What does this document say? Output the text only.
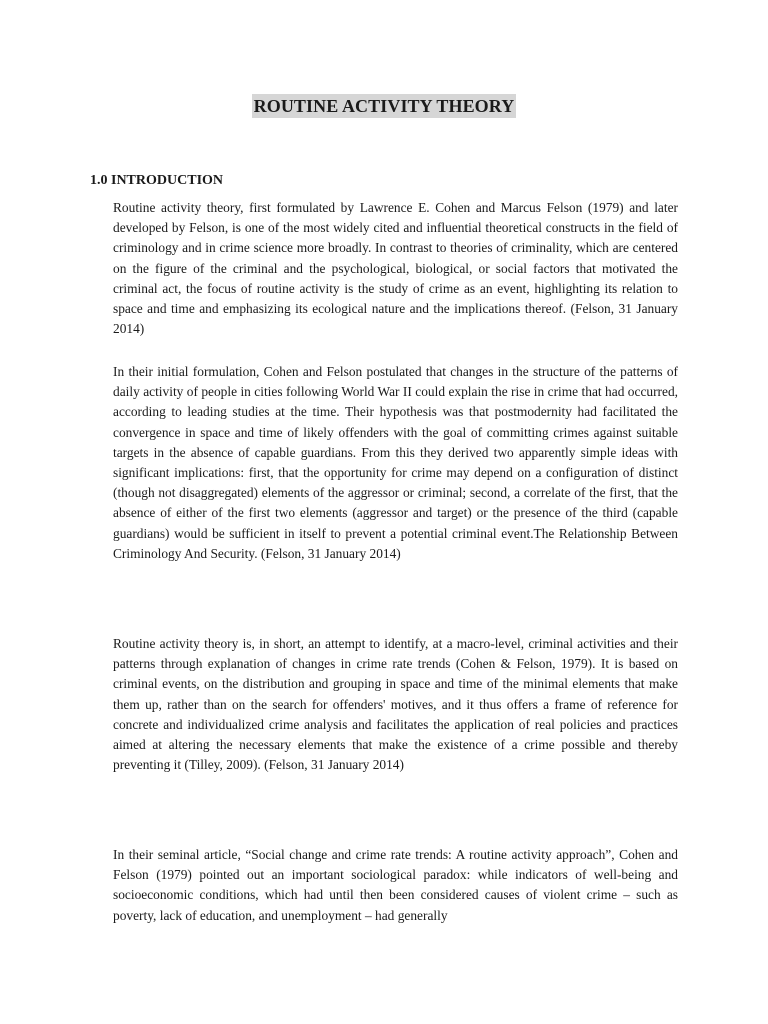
ROUTINE ACTIVITY THEORY
1.0 INTRODUCTION

Routine activity theory, first formulated by Lawrence E. Cohen and Marcus Felson (1979) and later developed by Felson, is one of the most widely cited and influential theoretical constructs in the field of criminology and in crime science more broadly. In contrast to theories of criminality, which are centered on the figure of the criminal and the psychological, biological, or social factors that motivated the criminal act, the focus of routine activity is the study of crime as an event, highlighting its relation to space and time and emphasizing its ecological nature and the implications thereof. (Felson, 31 January 2014)

In their initial formulation, Cohen and Felson postulated that changes in the structure of the patterns of daily activity of people in cities following World War II could explain the rise in crime that had occurred, according to leading studies at the time. Their hypothesis was that postmodernity had facilitated the convergence in space and time of likely offenders with the goal of committing crimes against suitable targets in the absence of capable guardians. From this they derived two apparently simple ideas with significant implications: first, that the opportunity for crime may depend on a configuration of distinct (though not disaggregated) elements of the aggressor or criminal; second, a correlate of the first, that the absence of either of the first two elements (aggressor and target) or the presence of the third (capable guardians) would be sufficient in itself to prevent a potential criminal event.The Relationship Between Criminology And Security. (Felson, 31 January 2014)

Routine activity theory is, in short, an attempt to identify, at a macro-level, criminal activities and their patterns through explanation of changes in crime rate trends (Cohen & Felson, 1979). It is based on criminal events, on the distribution and grouping in space and time of the minimal elements that make them up, rather than on the search for offenders' motives, and it thus offers a frame of reference for concrete and individualized crime analysis and facilitates the application of real policies and practices aimed at altering the necessary elements that make the existence of a crime possible and thereby preventing it (Tilley, 2009). (Felson, 31 January 2014)

In their seminal article, “Social change and crime rate trends: A routine activity approach”, Cohen and Felson (1979) pointed out an important sociological paradox: while indicators of well-being and socioeconomic conditions, which had until then been considered causes of violent crime – such as poverty, lack of education, and unemployment – had generally
